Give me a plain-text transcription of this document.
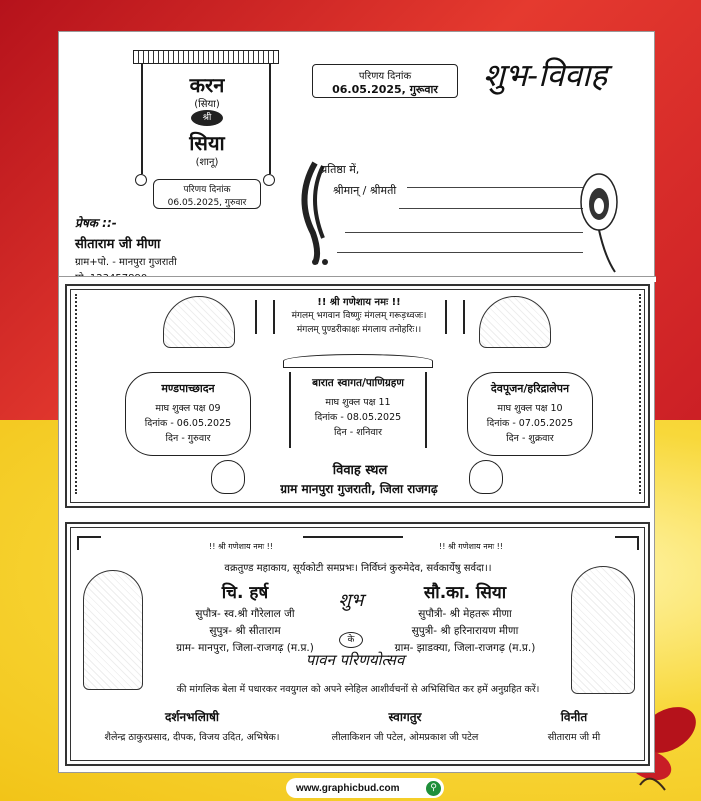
करन
(सिया)
श्री
सिया
(शानू)
परिणय दिनांक
06.05.2025, गुरुवार
परिणय दिनांक
06.05.2025, गुरूवार	शुभ-विवाह
प्रेषक ::-
सीताराम जी मीणा
ग्राम+पो. - मानपुरा गुजराती
प्रतिष्ठा में,
श्रीमान् / श्रीमती
!! श्री गणेशाय नमः !!
मंगलम् भगवान विष्णुः मंगलम् गरूड़ध्वजः।
मंगलम् पुण्डरीकाक्षः मंगलाय तनोहरिः।।
मण्डपाच्छादन
माघ शुक्ल पक्ष 09
दिनांक - 06.05.2025
दिन - गुरुवार
बारात स्वागत/पाणिग्रहण
माघ शुक्ल पक्ष 11
दिनांक - 08.05.2025
दिन - शनिवार
देवपूजन/हरिद्रालेपन
माघ शुक्ल पक्ष 10
दिनांक - 07.05.2025
दिन - शुक्रवार
विवाह स्थल
ग्राम मानपुरा गुजराती, जिला राजगढ़
!! श्री गणेशाय नमः !!	!! श्री गणेशाय नमः !!
वक्रतुण्ड महाकाय, सूर्यकोटी समप्रभः। निर्विघ्नं कुरुमेदेव, सर्वकार्येषु सर्वदा।।
चि. हर्ष
सुपौत्र- स्व.श्री गौरेलाल जी
सुपुत्र- श्री सीताराम
ग्राम- मानपुरा, जिला-राजगढ़ (म.प्र.)
शुभ
के
पावन परिणयोत्सव
सौ.का. सिया
सुपौत्री- श्री मेहतरू मीणा
सुपुत्री- श्री हरिनारायण मीणा
ग्राम- झाडक्या, जिला-राजगढ़ (म.प्र.)
की मांगलिक बेला में पधारकर नवयुगल को अपने स्नेहिल आशीर्वचनों से अभिसिचित कर हमें अनुग्रहित करें।
दर्शनभलिाषी
शैलेन्द्र ठाकुरप्रसाद, दीपक, विजय उदित, अभिषेक।
स्वागतुर
लीलाकिशन जी पटेल, ओमप्रकाश जी पटेल
विनीत
सीताराम जी मी
www.graphicbud.com	⚲
